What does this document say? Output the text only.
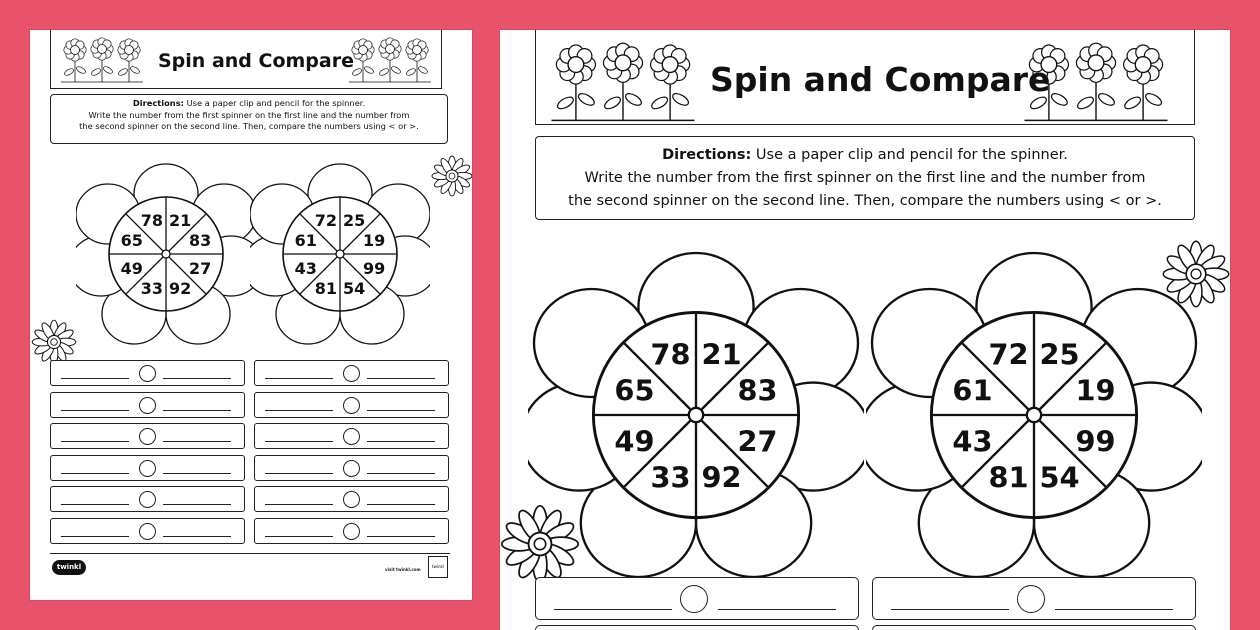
Spin and Compare

Directions: Use a paper clip and pencil for the spinner.

Write the number from the first spinner on the first line and the number from

the second spinner on the second line. Then, compare the numbers using < or >.

21
83
27
92
33
49
65
78	25
19
99
54
81
43
61
72
twinkl	visit twinkl.com
twinkl
Spin and Compare

Directions: Use a paper clip and pencil for the spinner.

Write the number from the first spinner on the first line and the number from

the second spinner on the second line. Then, compare the numbers using < or >.

21
83
27
92
33
49
65
78	25
19
99
54
81
43
61
72
